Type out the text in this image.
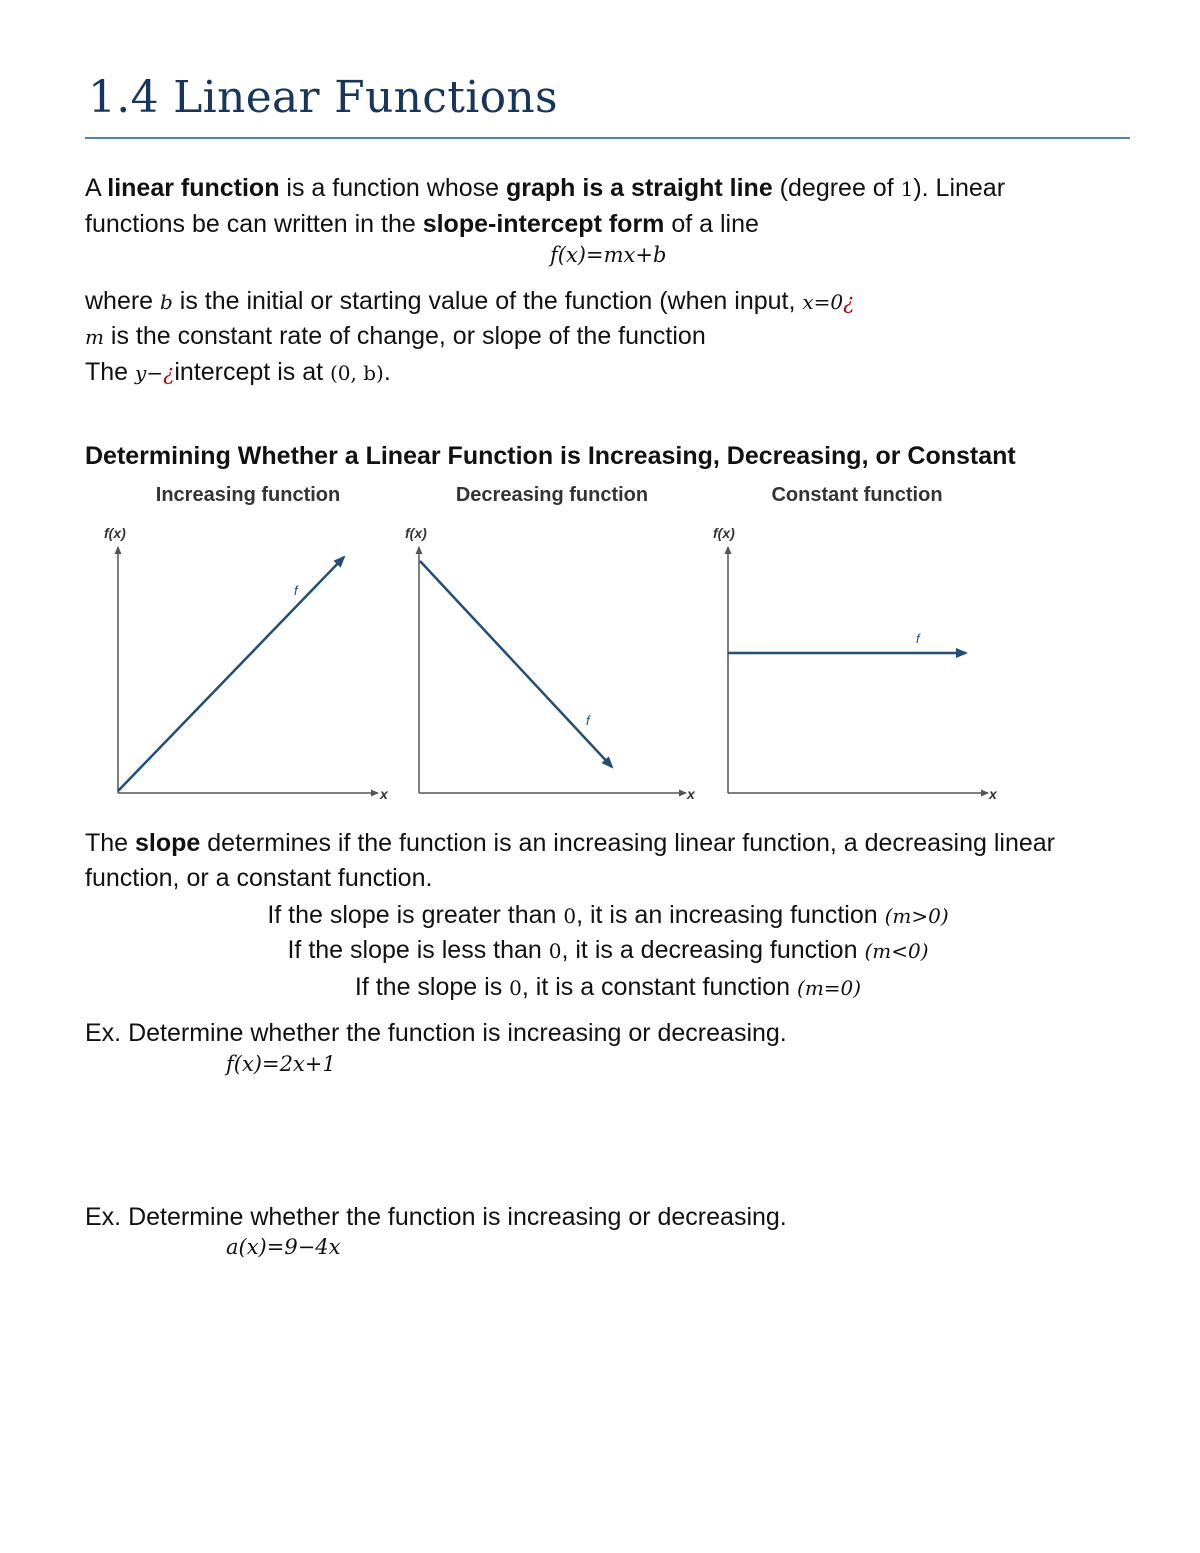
1.4 Linear Functions
A linear function is a function whose graph is a straight line (degree of 1). Linear
functions be can written in the slope-intercept form of a line
f(x)=mx+b
where b is the initial or starting value of the function (when input, x=0¿
m is the constant rate of change, or slope of the function
The y−¿intercept is at (0, b).
Determining Whether a Linear Function is Increasing, Decreasing, or Constant
Increasing function
f(x)
x
f
Decreasing function
f(x)
x
f
Constant function
f(x)
x
f
The slope determines if the function is an increasing linear function, a decreasing linear
function, or a constant function.
If the slope is greater than 0, it is an increasing function (m>0)
If the slope is less than 0, it is a decreasing function (m<0)
If the slope is 0, it is a constant function (m=0)
Ex. Determine whether the function is increasing or decreasing.
f(x)=2x+1
Ex. Determine whether the function is increasing or decreasing.
a(x)=9−4x
